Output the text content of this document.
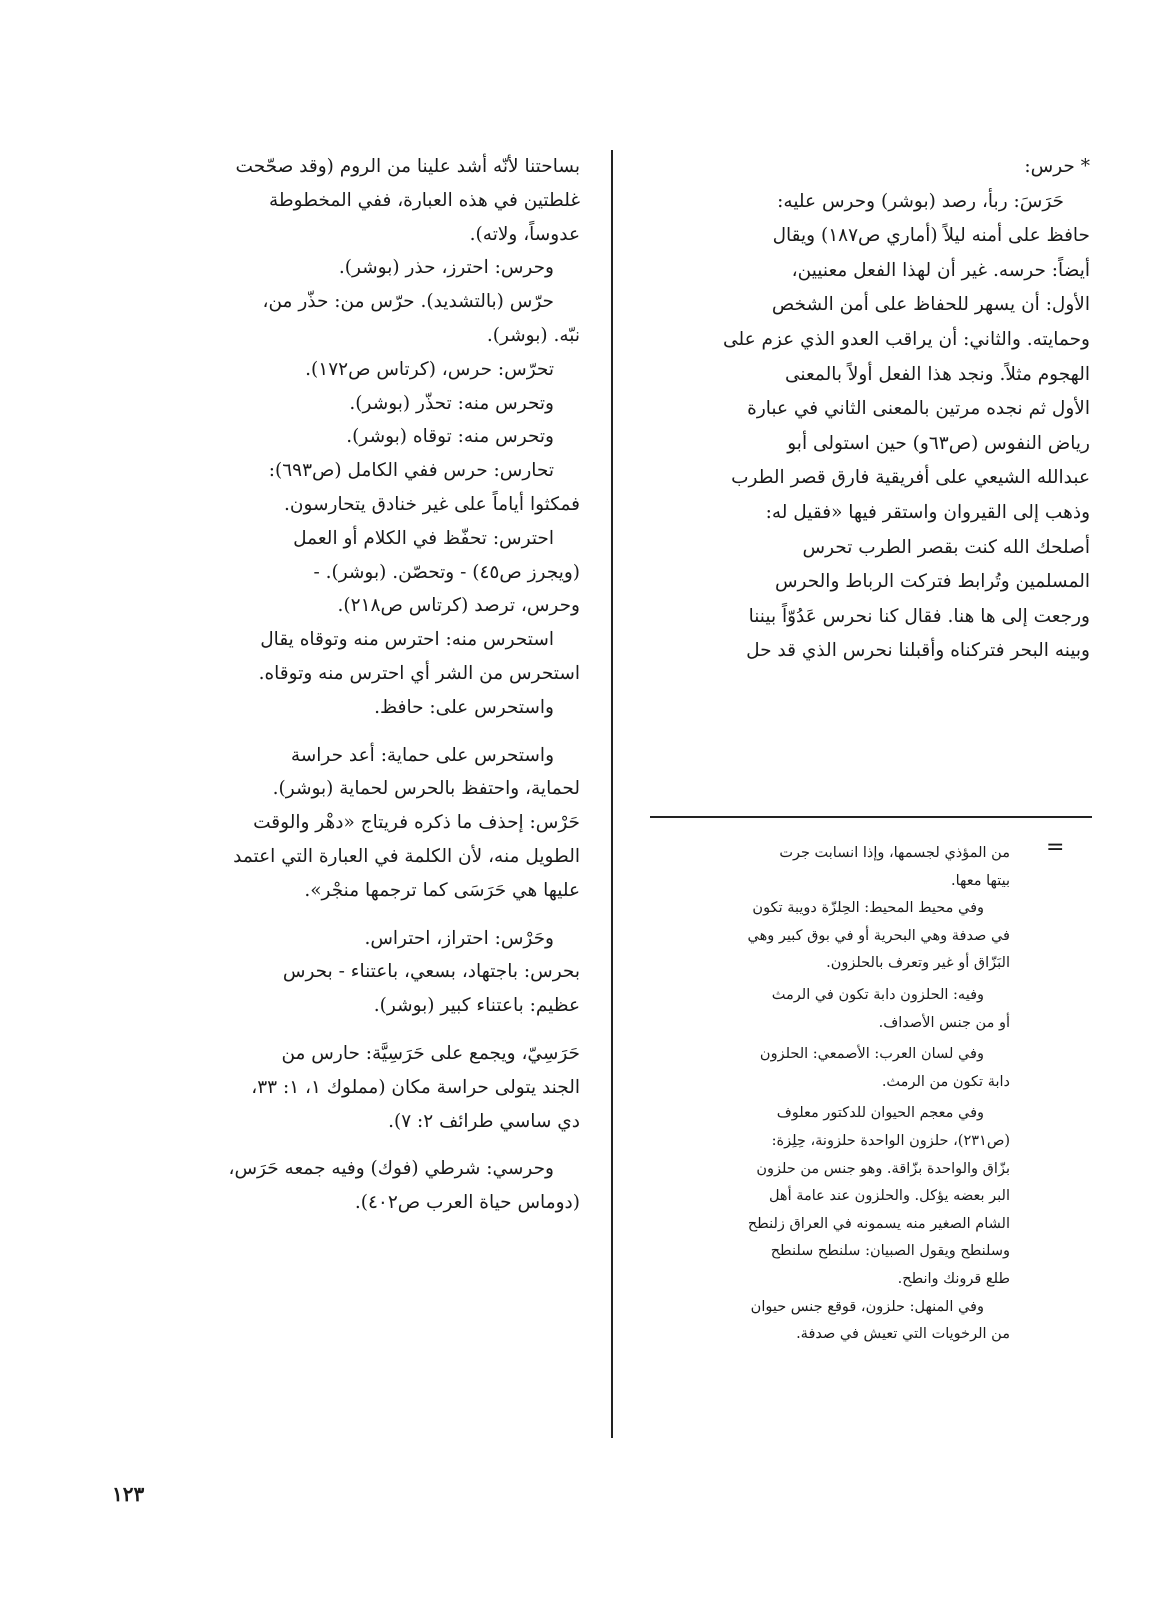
* حرس:

حَرَسَ: ربأ، رصد (بوشر) وحرس عليه:

حافظ على أمنه ليلاً (أماري ص١٨٧) ويقال

أيضاً: حرسه. غير أن لهذا الفعل معنيين،

الأول: أن يسهر للحفاظ على أمن الشخص

وحمايته. والثاني: أن يراقب العدو الذي عزم على

الهجوم مثلاً. ونجد هذا الفعل أولاً بالمعنى

الأول ثم نجده مرتين بالمعنى الثاني في عبارة

رياض النفوس (ص٦٣و) حين استولى أبو

عبدالله الشيعي على أفريقية فارق قصر الطرب

وذهب إلى القيروان واستقر فيها «فقيل له:

أصلحك الله كنت بقصر الطرب تحرس

المسلمين وتُرابط فتركت الرباط والحرس

ورجعت إلى ها هنا. فقال كنا نحرس عَدُوّاً بيننا

وبينه البحر فتركناه وأقبلنا نحرس الذي قد حل

بساحتنا لأنّه أشد علينا من الروم (وقد صحّحت

غلطتين في هذه العبارة، ففي المخطوطة

عدوساً، ولاته).

وحرس: احترز، حذر (بوشر).

حرّس (بالتشديد). حرّس من: حذّر من،

نبّه. (بوشر).

تحرّس: حرس، (كرتاس ص١٧٢).

وتحرس منه: تحذّر (بوشر).

وتحرس منه: توقاه (بوشر).

تحارس: حرس ففي الكامل (ص٦٩٣):

فمكثوا أياماً على غير خنادق يتحارسون.

احترس: تحفّظ في الكلام أو العمل

(ويجرز ص٤٥) - وتحصّن. (بوشر). -

وحرس، ترصد (كرتاس ص٢١٨).

استحرس منه: احترس منه وتوقاه يقال

استحرس من الشر أي احترس منه وتوقاه.

واستحرس على: حافظ.

واستحرس على حماية: أعد حراسة

لحماية، واحتفظ بالحرس لحماية (بوشر).

حَرْس: إحذف ما ذكره فريتاج «دهْر والوقت

الطويل منه، لأن الكلمة في العبارة التي اعتمد

عليها هي حَرَسَى كما ترجمها منجْر».

وحَرْس: احتراز، احتراس.

بحرس: باجتهاد، بسعي، باعتناء - بحرس

عظيم: باعتناء كبير (بوشر).

حَرَسِيّ، ويجمع على حَرَسِيَّة: حارس من

الجند يتولى حراسة مكان (مملوك ١، ١: ٣٣،

دي ساسي طرائف ٢: ٧).

وحرسي: شرطي (فوك) وفيه جمعه حَرَس،

(دوماس حياة العرب ص٤٠٢).

=

من المؤذي لجسمها، وإذا انسابت جرت

بيتها معها.

وفي محيط المحيط: الحِلزّة دويبة تكون

في صدفة وهي البحرية أو في بوق كبير وهي

البَزّاق أو غير وتعرف بالحلزون.

وفيه: الحلزون دابة تكون في الرمث

أو من جنس الأصداف.

وفي لسان العرب: الأصمعي: الحلزون

دابة تكون من الرمث.

وفي معجم الحيوان للدكتور معلوف

(ص٢٣١)، حلزون الواحدة حلزونة، حِلِزة:

بزّاق والواحدة بزّاقة. وهو جنس من حلزون

البر بعضه يؤكل. والحلزون عند عامة أهل

الشام الصغير منه يسمونه في العراق زلنطح

وسلنطح ويقول الصبيان: سلنطح سلنطح

طلع قرونك وانطح.

وفي المنهل: حلزون، قوقع جنس حيوان

من الرخويات التي تعيش في صدفة.

١٢٣
